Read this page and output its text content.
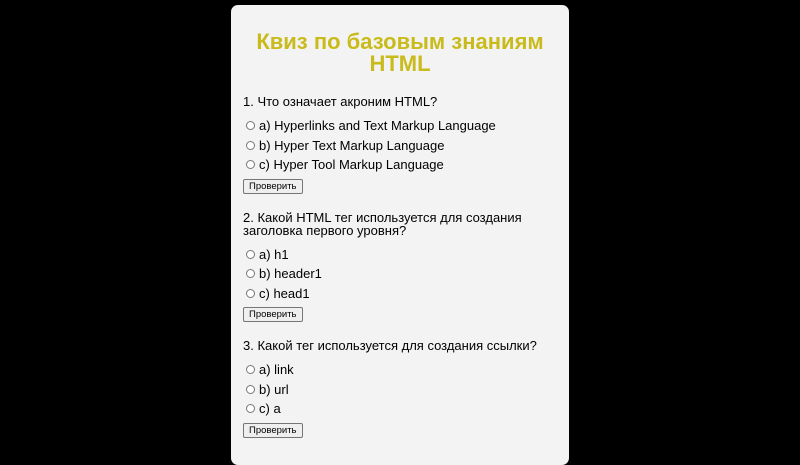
Квиз по базовым знаниям HTML
1. Что означает акроним HTML?
a) Hyperlinks and Text Markup Language
b) Hyper Text Markup Language
c) Hyper Tool Markup Language
Проверить
2. Какой HTML тег используется для создания заголовка первого уровня?
a) h1
b) header1
c) head1
Проверить
3. Какой тег используется для создания ссылки?
a) link
b) url
c) a
Проверить
